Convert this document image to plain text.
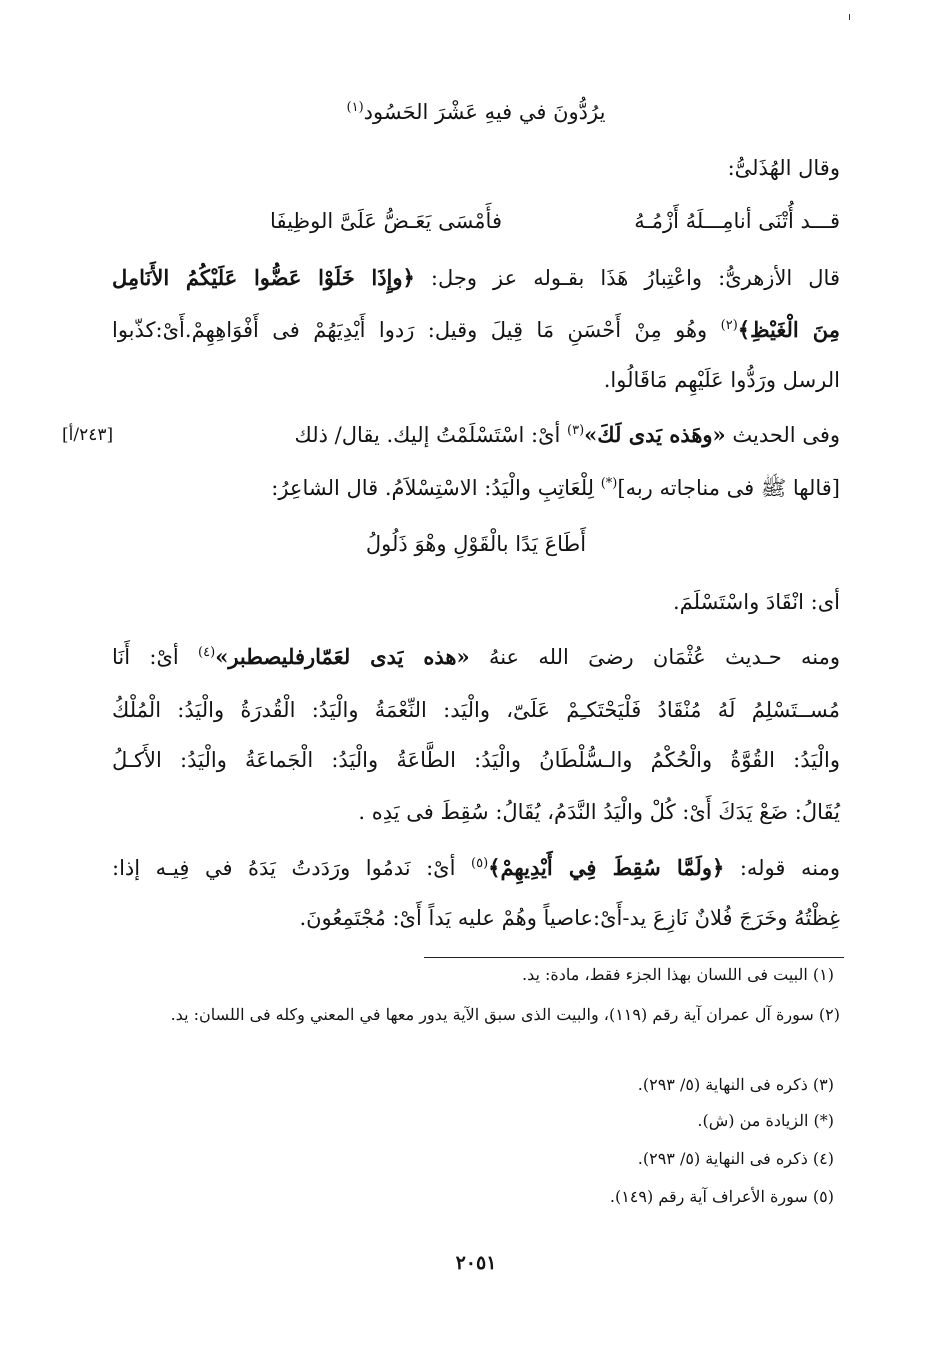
يرُدُّونَ في فيهِ عَشْرَ الحَسُود$^{(١)}$
وقال الهُذَلىُّ:
قـــد أُتْنَى أنامِـــلَهُ أَزْمُـهُ
فأَمْسَى يَعَـضُّ عَلَىَّ الوظِيفَا
قال الأزهرىُّ: واعْتِبارُ هَذَا بقـوله عز وجل: ﴿وإِذَا خَلَوْا عَضُّوا عَلَيْكُمُ الأَنَامِل
مِنَ الْغَيْظِ﴾$^{(٢)}$ وهُو مِنْ أَحْسَنِ مَا قِيلَ وقيل: رَدوا أَيْدِيَهُمْ فى أَفْوَاهِهِمْ.أَىْ:كذّبوا
الرسل ورَدُّوا عَلَيْهِم مَاقَالُوا.
وفى الحديث «وهَذه يَدى لَكَ»$^{(٣)}$ أىْ: اسْتَسْلَمْتُ إليك. يقال/ ذلك
[٢٤٣/أ]
[قالها ﷺ فى مناجاته ربه](*) لِلْعَاتِبِ والْيَدُ: الاسْتِسْلاَمُ. قال الشاعِرُ:
أَطَاعَ يَدًا بالْقَوْلِ وهْوَ ذَلُولُ
أى: انْقَادَ واسْتَسْلَمَ.
ومنه حـديث عُثْمَان رضىَ الله عنهُ «هذه يَدى لعَمّارفليصطبر»$^{(٤)}$ أىْ: أَنَا
مُســتَسْلِمُ لَهُ مُنْقَادُ فَلْيَحْتَكـِمْ عَلَىّ، والْيَد: النِّعْمَةُ والْيَدُ: الْقُدرَةُ والْيَدُ: الْمُلْكُ
والْيَدُ: القُوَّةُ والْحُكْمُ والـسُّلْطَانُ والْيَدُ: الطَّاعَةُ والْيَدُ: الْجَماعَةُ والْيَدُ: الأَكـلُ
يُقَالُ: ضَعْ يَدَكَ أَىْ: كُلْ والْيَدُ النَّدَمُ، يُقَالُ: سُقِطَ فى يَدِه .
ومنه قوله: ﴿ولَمَّا سُقِطَ فِي أَيْدِيهِمْ﴾$^{(٥)}$ أىْ: نَدمُوا ورَدَدتُ يَدَهُ في فِيـه إذا:
غِظْتُهُ وخَرَجَ فُلانٌ نَازِعَ يد-أَىْ:عاصياً وهُمْ عليه يَداً أَىْ: مُجْتَمِعُونَ.
(١) البيت فى اللسان بهذا الجزء فقط، مادة: يد.
(٢) سورة آل عمران آية رقم (١١٩)، والبيت الذى سبق الآية يدور معها في المعني وكله فى اللسان: يد.
(٣) ذكره فى النهاية (٥/ ٢٩٣).
(*) الزيادة من (ش).
(٤) ذكره فى النهاية (٥/ ٢٩٣).
(٥) سورة الأعراف آية رقم (١٤٩).
٢٠٥١
